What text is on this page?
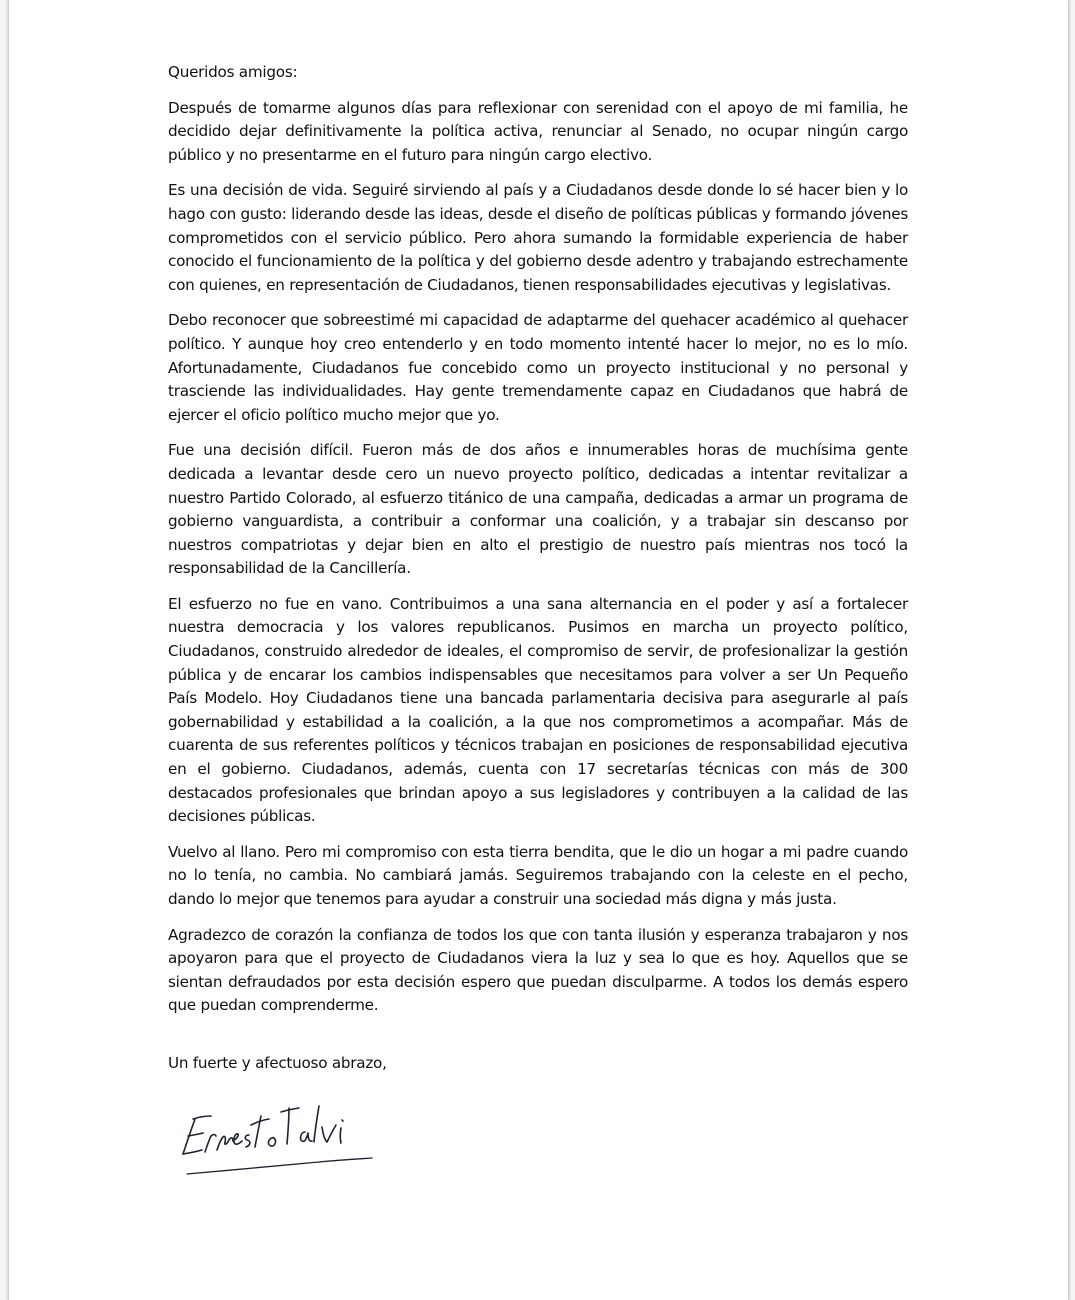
Queridos amigos:

Después de tomarme algunos días para reflexionar con serenidad con el apoyo de mi familia, he decidido dejar definitivamente la política activa, renunciar al Senado, no ocupar ningún cargo público y no presentarme en el futuro para ningún cargo electivo.

Es una decisión de vida. Seguiré sirviendo al país y a Ciudadanos desde donde lo sé hacer bien y lo hago con gusto: liderando desde las ideas, desde el diseño de políticas públicas y formando jóvenes comprometidos con el servicio público. Pero ahora sumando la formidable experiencia de haber conocido el funcionamiento de la política y del gobierno desde adentro y trabajando estrechamente con quienes, en representación de Ciudadanos, tienen responsabilidades ejecutivas y legislativas.

Debo reconocer que sobreestimé mi capacidad de adaptarme del quehacer académico al quehacer político. Y aunque hoy creo entenderlo y en todo momento intenté hacer lo mejor, no es lo mío. Afortunadamente, Ciudadanos fue concebido como un proyecto institucional y no personal y trasciende las individualidades. Hay gente tremendamente capaz en Ciudadanos que habrá de ejercer el oficio político mucho mejor que yo.

Fue una decisión difícil. Fueron más de dos años e innumerables horas de muchísima gente dedicada a levantar desde cero un nuevo proyecto político, dedicadas a intentar revitalizar a nuestro Partido Colorado, al esfuerzo titánico de una campaña, dedicadas a armar un programa de gobierno vanguardista, a contribuir a conformar una coalición, y a trabajar sin descanso por nuestros compatriotas y dejar bien en alto el prestigio de nuestro país mientras nos tocó la responsabilidad de la Cancillería.

El esfuerzo no fue en vano. Contribuimos a una sana alternancia en el poder y así a fortalecer nuestra democracia y los valores republicanos. Pusimos en marcha un proyecto político, Ciudadanos, construido alrededor de ideales, el compromiso de servir, de profesionalizar la gestión pública y de encarar los cambios indispensables que necesitamos para volver a ser Un Pequeño País Modelo. Hoy Ciudadanos tiene una bancada parlamentaria decisiva para asegurarle al país gobernabilidad y estabilidad a la coalición, a la que nos comprometimos a acompañar. Más de cuarenta de sus referentes políticos y técnicos trabajan en posiciones de responsabilidad ejecutiva en el gobierno. Ciudadanos, además, cuenta con 17 secretarías técnicas con más de 300 destacados profesionales que brindan apoyo a sus legisladores y contribuyen a la calidad de las decisiones públicas.

Vuelvo al llano. Pero mi compromiso con esta tierra bendita, que le dio un hogar a mi padre cuando no lo tenía, no cambia. No cambiará jamás. Seguiremos trabajando con la celeste en el pecho, dando lo mejor que tenemos para ayudar a construir una sociedad más digna y más justa.

Agradezco de corazón la confianza de todos los que con tanta ilusión y esperanza trabajaron y nos apoyaron para que el proyecto de Ciudadanos viera la luz y sea lo que es hoy. Aquellos que se sientan defraudados por esta decisión espero que puedan disculparme. A todos los demás espero que puedan comprenderme.

Un fuerte y afectuoso abrazo,
